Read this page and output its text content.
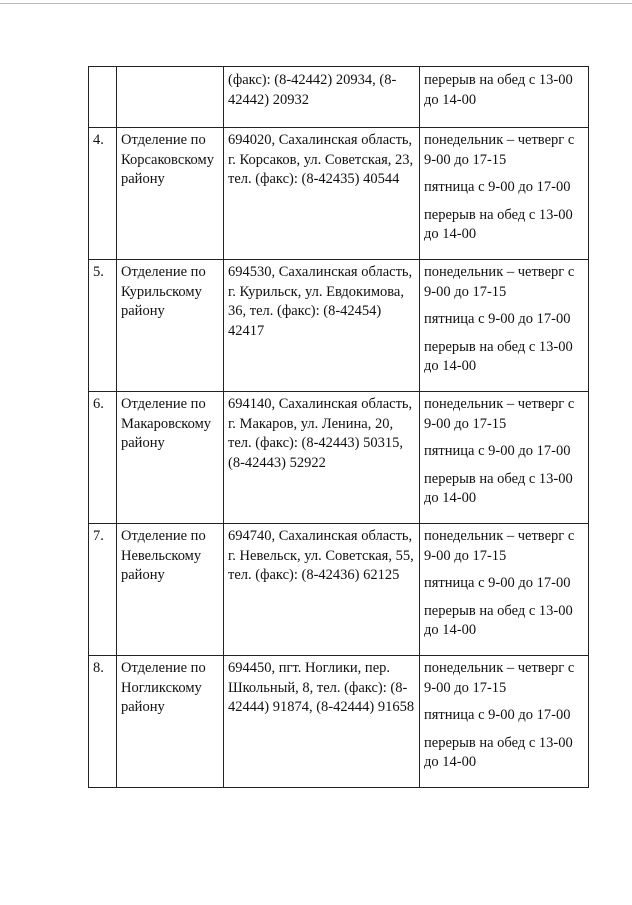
		(факс): (8-42442) 20934, (8-42442) 20932	перерыв на обед с 13-00 до 14-00

4.	Отделение по Корсаковскому району	694020, Сахалинская область, г. Корсаков, ул. Советская, 23, тел. (факс): (8-42435) 40544	понедельник – четверг с 9-00 до 17-15
пятница с 9-00 до 17-00
перерыв на обед с 13-00 до 14-00

5.	Отделение по Курильскому району	694530, Сахалинская область, г. Курильск, ул. Евдокимова, 36, тел. (факс): (8-42454) 42417	понедельник – четверг с 9-00 до 17-15
пятница с 9-00 до 17-00
перерыв на обед с 13-00 до 14-00

6.	Отделение по Макаровскому району	694140, Сахалинская область, г. Макаров, ул. Ленина, 20, тел. (факс): (8-42443) 50315, (8-42443) 52922	понедельник – четверг с 9-00 до 17-15
пятница с 9-00 до 17-00
перерыв на обед с 13-00 до 14-00

7.	Отделение по Невельскому району	694740, Сахалинская область, г. Невельск, ул. Советская, 55, тел. (факс): (8-42436) 62125	понедельник – четверг с 9-00 до 17-15
пятница с 9-00 до 17-00
перерыв на обед с 13-00 до 14-00

8.	Отделение по Ногликскому району	694450, пгт. Ноглики, пер. Школьный, 8, тел. (факс): (8-42444) 91874, (8-42444) 91658	понедельник – четверг с 9-00 до 17-15
пятница с 9-00 до 17-00
перерыв на обед с 13-00 до 14-00
